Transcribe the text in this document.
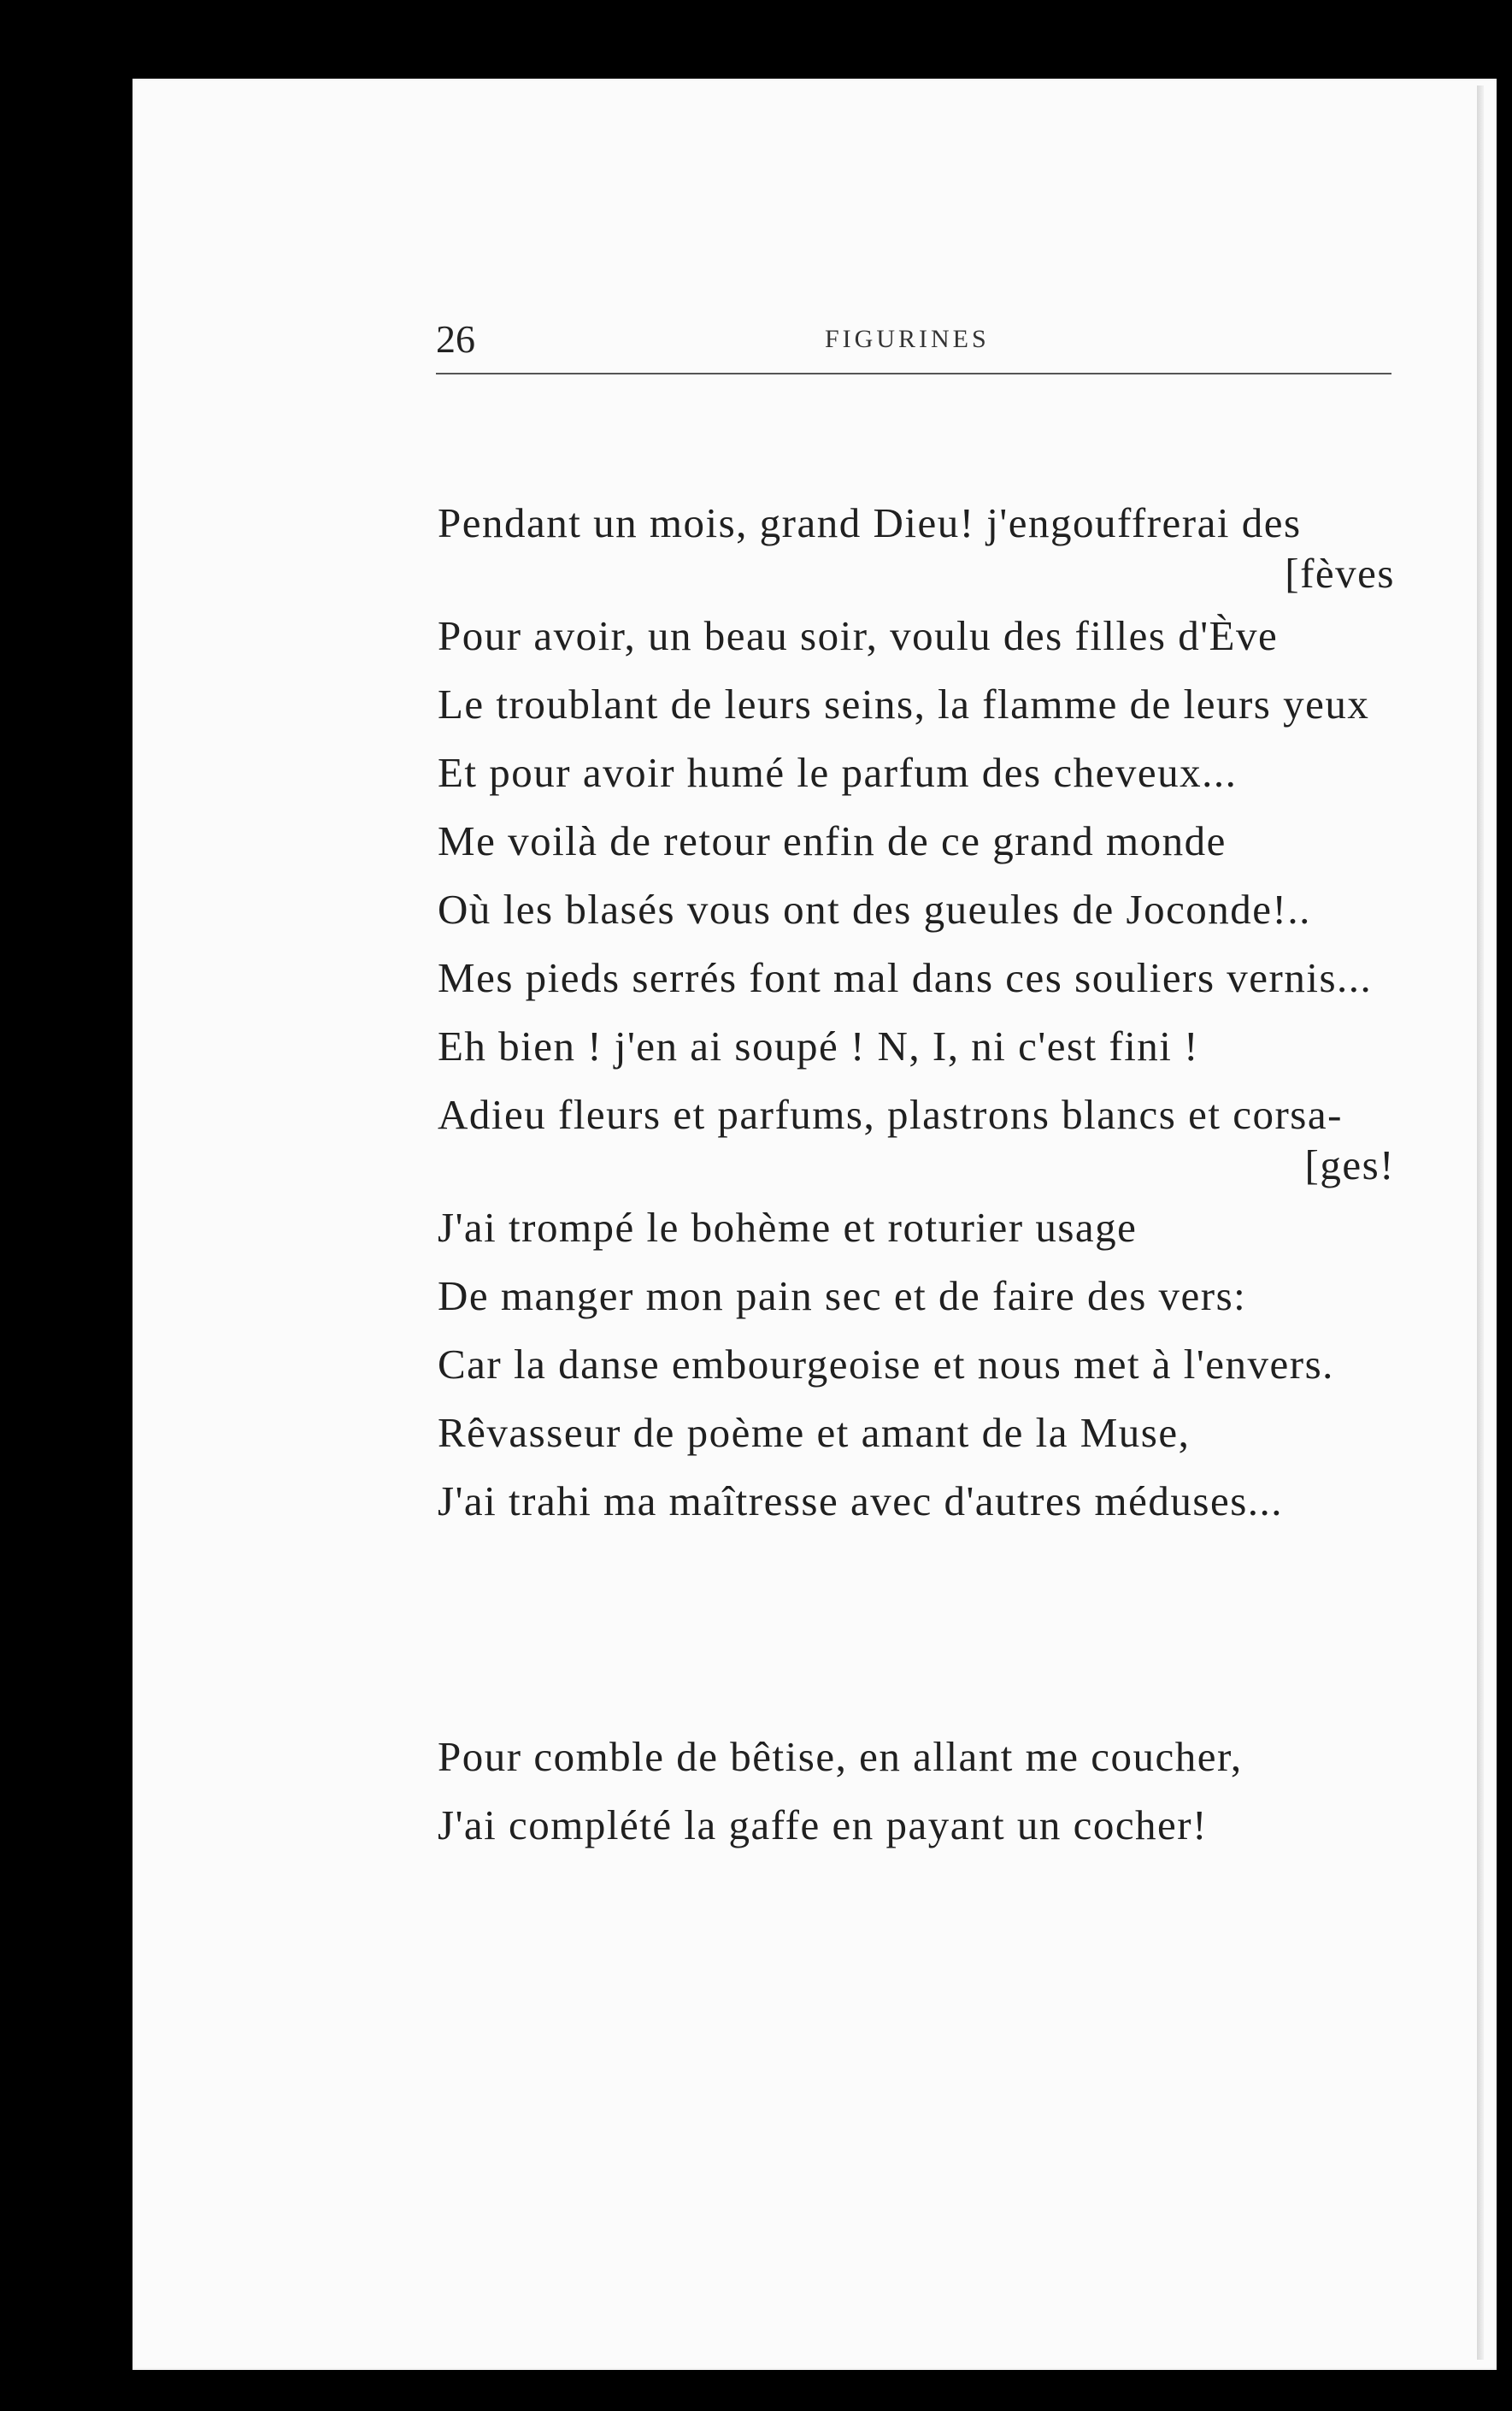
26	FIGURINES
Pendant un mois, grand Dieu! j'engouffrerai des
[fèves
Pour avoir, un beau soir, voulu des filles d'Ève
Le troublant de leurs seins, la flamme de leurs yeux
Et pour avoir humé le parfum des cheveux...
Me voilà de retour enfin de ce grand monde
Où les blasés vous ont des gueules de Joconde!..
Mes pieds serrés font mal dans ces souliers vernis...
Eh bien ! j'en ai soupé ! N, I, ni c'est fini !
Adieu fleurs et parfums, plastrons blancs et corsa-
[ges!
J'ai trompé le bohème et roturier usage
De manger mon pain sec et de faire des vers:
Car la danse embourgeoise et nous met à l'envers.
Rêvasseur de poème et amant de la Muse,
J'ai trahi ma maîtresse avec d'autres méduses...
Pour comble de bêtise, en allant me coucher,
J'ai complété la gaffe en payant un cocher!
